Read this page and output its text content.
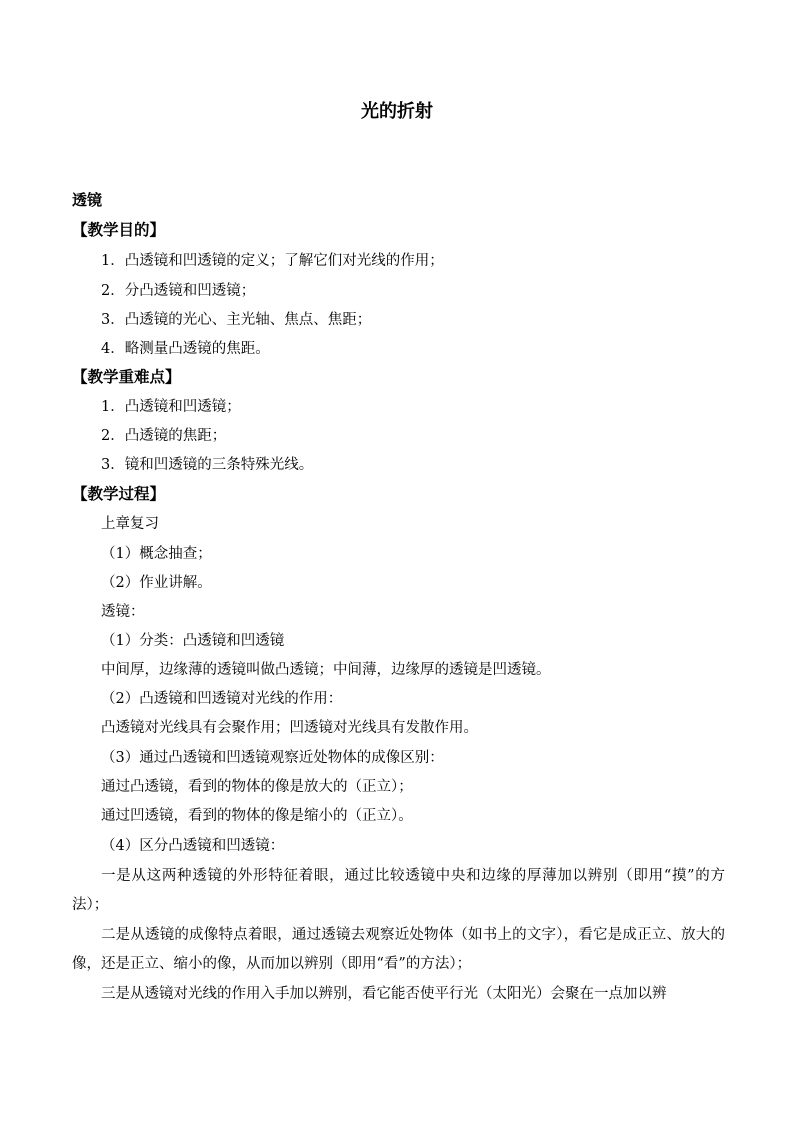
光的折射
透镜
【教学目的】
1．凸透镜和凹透镜的定义；了解它们对光线的作用；
2．分凸透镜和凹透镜；
3．凸透镜的光心、主光轴、焦点、焦距；
4．略测量凸透镜的焦距。
【教学重难点】
1．凸透镜和凹透镜；
2．凸透镜的焦距；
3．镜和凹透镜的三条特殊光线。
【教学过程】
上章复习
（1）概念抽查；
（2）作业讲解。
透镜：
（1）分类：凸透镜和凹透镜
中间厚，边缘薄的透镜叫做凸透镜；中间薄，边缘厚的透镜是凹透镜。
（2）凸透镜和凹透镜对光线的作用：
凸透镜对光线具有会聚作用；凹透镜对光线具有发散作用。
（3）通过凸透镜和凹透镜观察近处物体的成像区别：
通过凸透镜，看到的物体的像是放大的（正立）；
通过凹透镜，看到的物体的像是缩小的（正立）。
（4）区分凸透镜和凹透镜：
一是从这两种透镜的外形特征着眼，通过比较透镜中央和边缘的厚薄加以辨别（即用“摸”的方法）；
二是从透镜的成像特点着眼，通过透镜去观察近处物体（如书上的文字），看它是成正立、放大的像，还是正立、缩小的像，从而加以辨别（即用“看”的方法）；
三是从透镜对光线的作用入手加以辨别，看它能否使平行光（太阳光）会聚在一点加以辨
